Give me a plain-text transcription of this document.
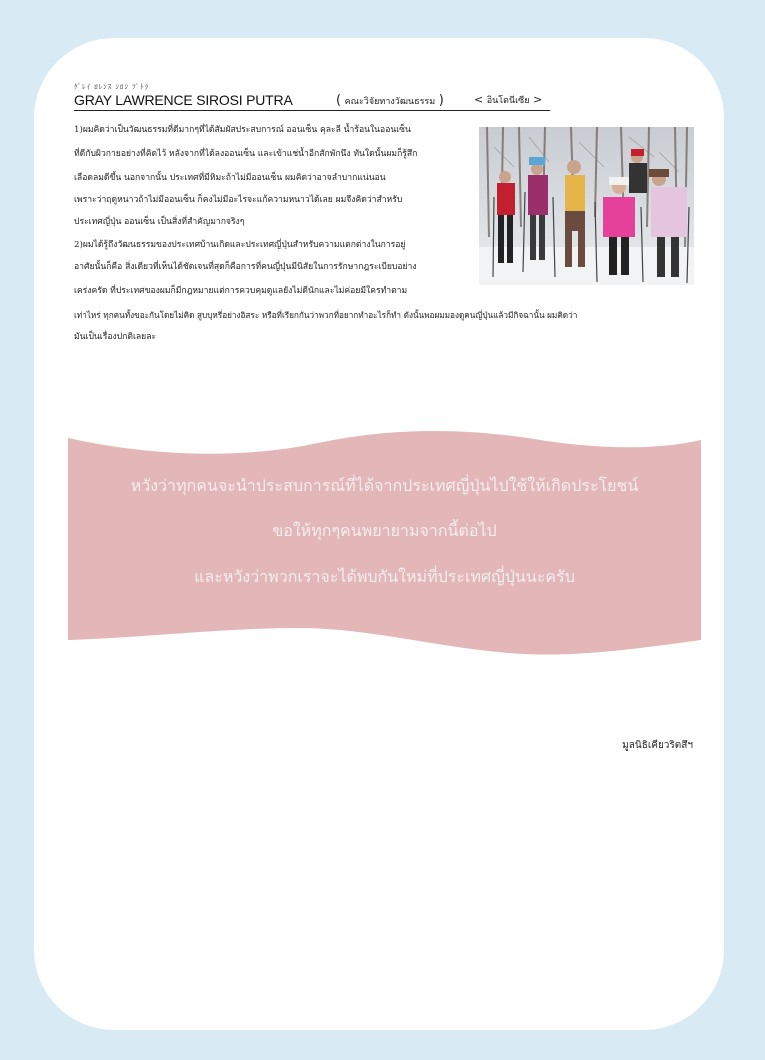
ｸﾞﾚｲ ﾛﾚﾝｽ ｼﾛｼ ﾌﾟﾄﾗ
GRAY LAWRENCE SIROSI PUTRA	( คณะวิจัยทางวัฒนธรรม )	< อินโดนีเซีย >
1)ผมคิดว่าเป็นวัฒนธรรมที่ดีมากๆที่ได้สัมผัสประสบการณ์ ออนเซ็น คุละลี น้ำร้อนในออนเซ็น
ที่ดีกับผิวกายอย่างที่คิดไว้ หลังจากที่ได้ลงออนเซ็น และเข้าแช่น้ำอีกสักพักนึง ทันใดนั้นผมก็รู้สึก
เลือดลมดีขึ้น นอกจากนั้น ประเทศที่มีหิมะถ้าไม่มีออนเซ็น ผมคิดว่าอาจลำบากแน่นอน
เพราะว่าฤดูหนาวถ้าไม่มีออนเซ็น ก็คงไม่มีอะไรจะแก้ความหนาวได้เลย ผมจึงคิดว่าสำหรับ
ประเทศญี่ปุ่น ออนเซ็น เป็นสิ่งที่สำคัญมากจริงๆ
2)ผมได้รู้ถึงวัฒนธรรมของประเทศบ้านเกิดและประเทศญี่ปุ่นสำหรับความแตกต่างในการอยู่
อาศัยนั้นก็คือ สิ่งเดียวที่เห็นได้ชัดเจนที่สุดก็คือการที่คนญี่ปุ่นมีนิสัยในการรักษากฎระเบียบอย่าง
เคร่งครัด ที่ประเทศของผมก็มีกฎหมายแต่การควบคุมดูแลยังไม่ดีนักและไม่ค่อยมีใครทำตาม
เท่าไหร่ ทุกคนทั้งขอะกันโดยไม่คิด สูบบุหรี่อย่างอิสระ หรือที่เรียกกันว่าพวกที่อยากทำอะไรก็ทำ ดังนั้นพอผมมองดูคนญี่ปุ่นแล้วมีกิจฉานั้น ผมคิดว่า
มันเป็นเรื่องปกติเลยละ
หวังว่าทุกคนจะนำประสบการณ์ที่ได้จากประเทศญี่ปุ่นไปใช้ให้เกิดประโยชน์
ขอให้ทุกๆคนพยายามจากนี้ต่อไป
และหวังว่าพวกเราจะได้พบกันใหม่ที่ประเทศญี่ปุ่นนะครับ
มูลนิธิเคียวริตสึฯ
